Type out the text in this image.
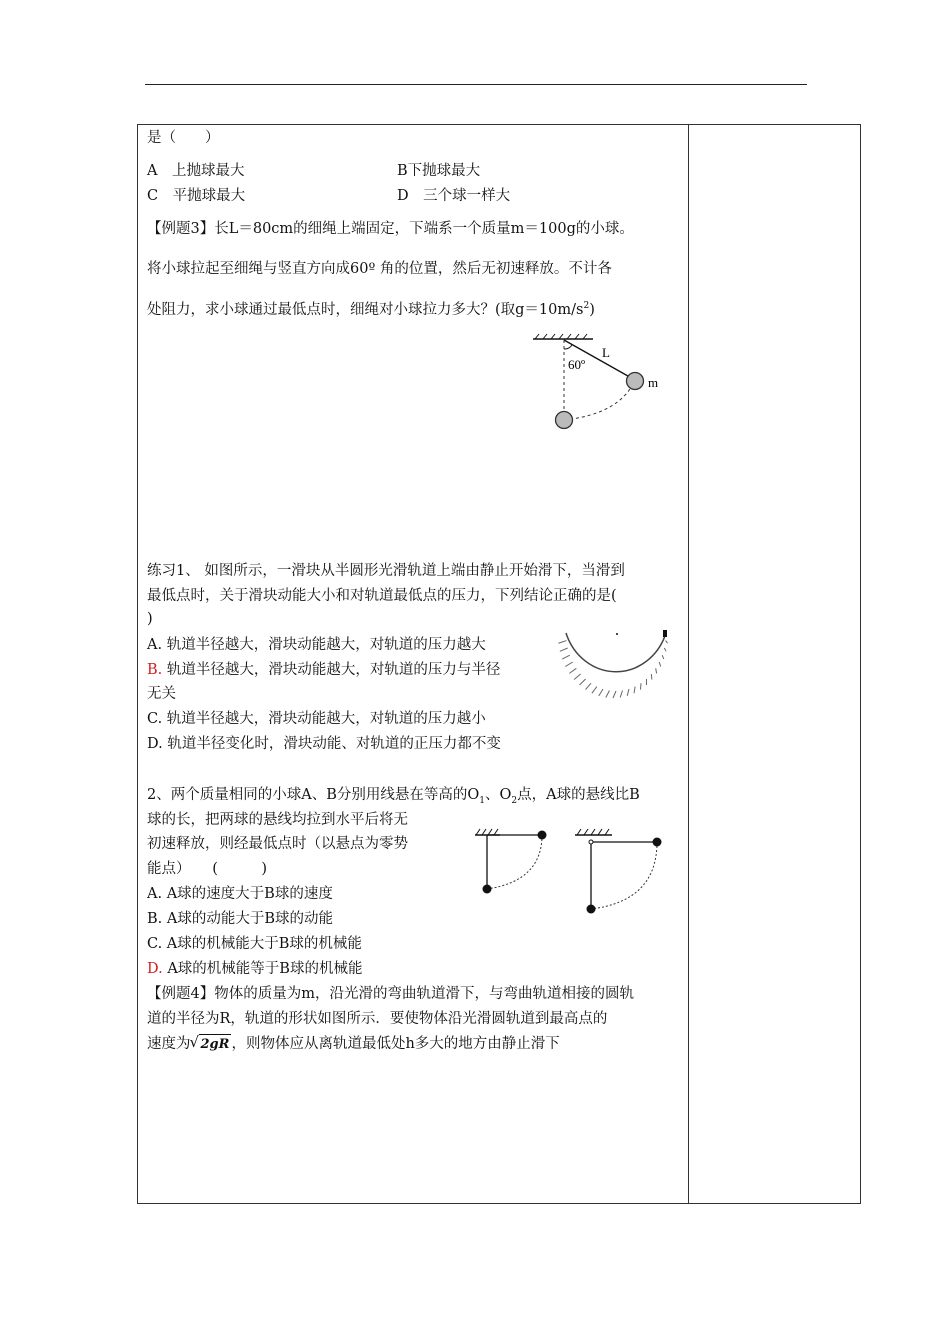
是（　　）
A　上抛球最大	B下抛球最大
C　平抛球最大	D　三个球一样大
【例题3】长L＝80cm的细绳上端固定，下端系一个质量m＝100g的小球。
将小球拉起至细绳与竖直方向成60º 角的位置，然后无初速释放。不计各
处阻力，求小球通过最低点时，细绳对小球拉力多大？(取$g=10m/s^2$)
60º
L
m
练习1、 如图所示，一滑块从半圆形光滑轨道上端由静止开始滑下，当滑到
最低点时，关于滑块动能大小和对轨道最低点的压力，下列结论正确的是(
)
A. 轨道半径越大，滑块动能越大，对轨道的压力越大
B. 轨道半径越大，滑块动能越大，对轨道的压力与半径
无关
C. 轨道半径越大，滑块动能越大，对轨道的压力越小
D. 轨道半径变化时，滑块动能、对轨道的正压力都不变
2、两个质量相同的小球A、B分别用线悬在等高的$O_1$、$O_2$点，A球的悬线比B
球的长，把两球的悬线均拉到水平后将无
初速释放，则经最低点时（以悬点为零势
能点）　　(　　　)
A. A球的速度大于B球的速度
B. A球的动能大于B球的动能
C. A球的机械能大于B球的机械能
D. A球的机械能等于B球的机械能
【例题4】物体的质量为m，沿光滑的弯曲轨道滑下，与弯曲轨道相接的圆轨
道的半径为R，轨道的形状如图所示．要使物体沿光滑圆轨道到最高点的
速度为√ 2gR ，则物体应从离轨道最低处h多大的地方由静止滑下
